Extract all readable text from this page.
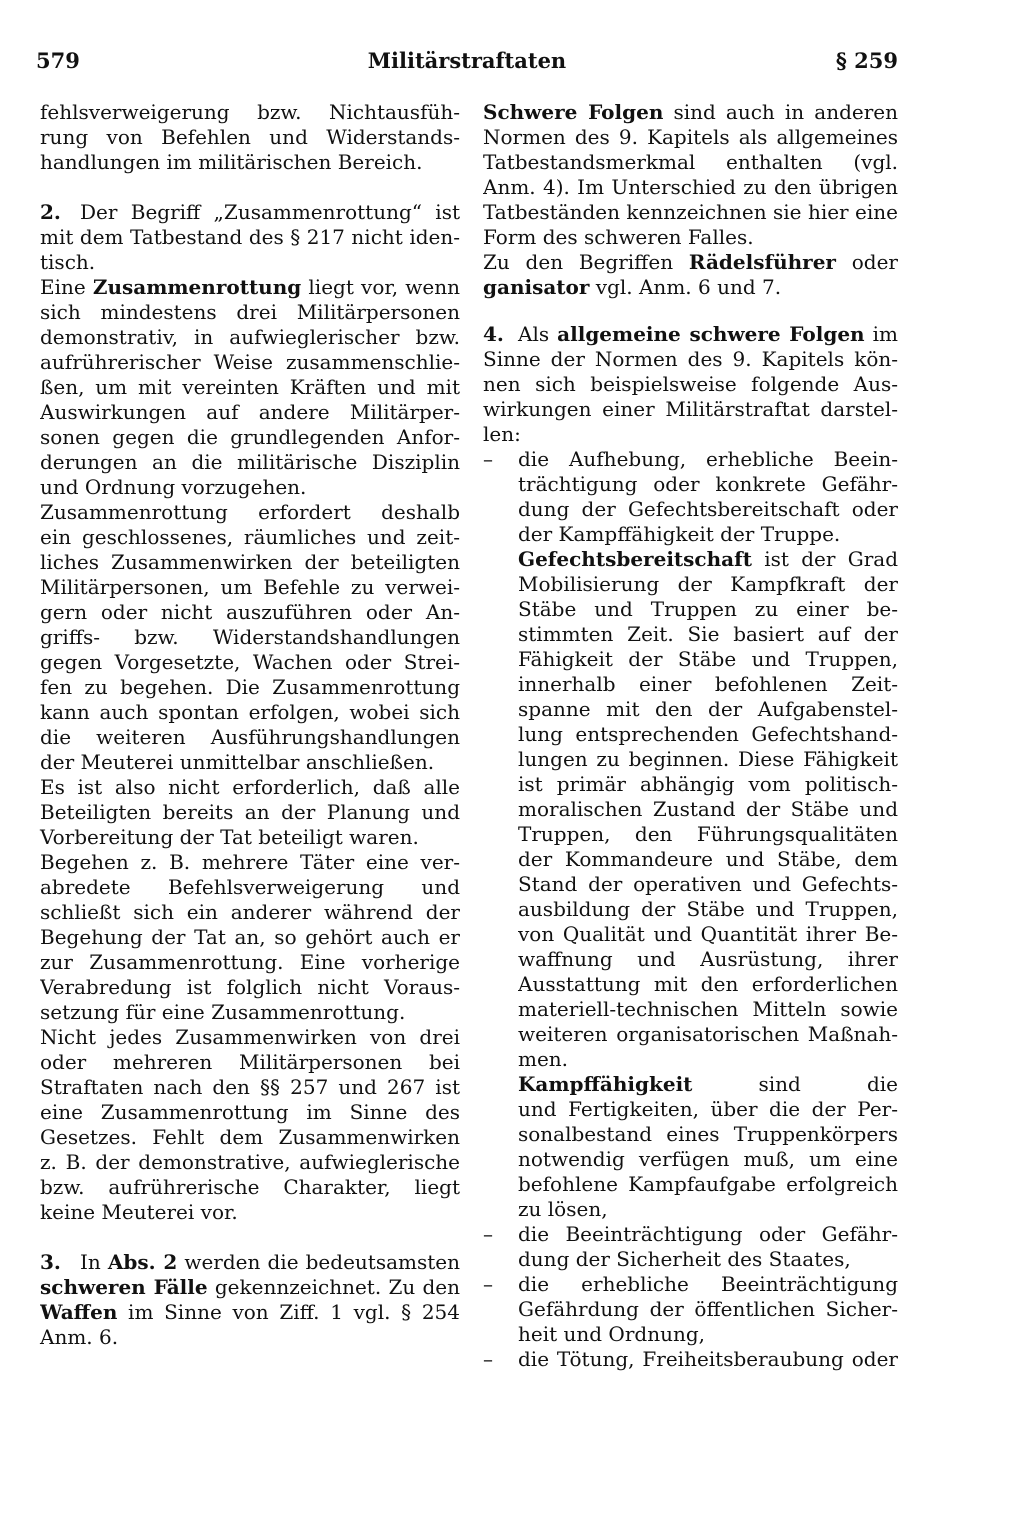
579	Militärstraftaten	§ 259
fehlsverweigerung bzw. Nichtausfüh-
rung von Befehlen und Widerstands-
handlungen im militärischen Bereich.
2. Der Begriff „Zusammenrottung“ ist
mit dem Tatbestand des § 217 nicht iden-
tisch.
Eine Zusammenrottung liegt vor, wenn
sich mindestens drei Militärpersonen
demonstrativ, in aufwieglerischer bzw.
aufrührerischer Weise zusammenschlie-
ßen, um mit vereinten Kräften und mit
Auswirkungen auf andere Militärper-
sonen gegen die grundlegenden Anfor-
derungen an die militärische Disziplin
und Ordnung vorzugehen.
Zusammenrottung erfordert deshalb
ein geschlossenes, räumliches und zeit-
liches Zusammenwirken der beteiligten
Militärpersonen, um Befehle zu verwei-
gern oder nicht auszuführen oder An-
griffs- bzw. Widerstandshandlungen
gegen Vorgesetzte, Wachen oder Strei-
fen zu begehen. Die Zusammenrottung
kann auch spontan erfolgen, wobei sich
die weiteren Ausführungshandlungen
der Meuterei unmittelbar anschließen.
Es ist also nicht erforderlich, daß alle
Beteiligten bereits an der Planung und
Vorbereitung der Tat beteiligt waren.
Begehen z. B. mehrere Täter eine ver-
abredete Befehlsverweigerung und
schließt sich ein anderer während der
Begehung der Tat an, so gehört auch er
zur Zusammenrottung. Eine vorherige
Verabredung ist folglich nicht Voraus-
setzung für eine Zusammenrottung.
Nicht jedes Zusammenwirken von drei
oder mehreren Militärpersonen bei
Straftaten nach den §§ 257 und 267 ist
eine Zusammenrottung im Sinne des
Gesetzes. Fehlt dem Zusammenwirken
z. B. der demonstrative, aufwieglerische
bzw. aufrührerische Charakter, liegt
keine Meuterei vor.
3. In Abs. 2 werden die bedeutsamsten
schweren Fälle gekennzeichnet. Zu den
Waffen im Sinne von Ziff. 1 vgl. § 254
Anm. 6.
Schwere Folgen sind auch in anderen
Normen des 9. Kapitels als allgemeines
Tatbestandsmerkmal enthalten (vgl.
Anm. 4). Im Unterschied zu den übrigen
Tatbeständen kennzeichnen sie hier eine
Form des schweren Falles.
Zu den Begriffen Rädelsführer oder
ganisator vgl. Anm. 6 und 7.
4. Als allgemeine schwere Folgen im
Sinne der Normen des 9. Kapitels kön-
nen sich beispielsweise folgende Aus-
wirkungen einer Militärstraftat darstel-
len:
– die Aufhebung, erhebliche Beein-
trächtigung oder konkrete Gefähr-
dung der Gefechtsbereitschaft oder
der Kampffähigkeit der Truppe.
Gefechtsbereitschaft ist der Grad
Mobilisierung der Kampfkraft der
Stäbe und Truppen zu einer be-
stimmten Zeit. Sie basiert auf der
Fähigkeit der Stäbe und Truppen,
innerhalb einer befohlenen Zeit-
spanne mit den der Aufgabenstel-
lung entsprechenden Gefechtshand-
lungen zu beginnen. Diese Fähigkeit
ist primär abhängig vom politisch-
moralischen Zustand der Stäbe und
Truppen, den Führungsqualitäten
der Kommandeure und Stäbe, dem
Stand der operativen und Gefechts-
ausbildung der Stäbe und Truppen,
von Qualität und Quantität ihrer Be-
waffnung und Ausrüstung, ihrer
Ausstattung mit den erforderlichen
materiell-technischen Mitteln sowie
weiteren organisatorischen Maßnah-
men.
Kampffähigkeit	sind die
und Fertigkeiten, über die der Per-
sonalbestand eines Truppenkörpers
notwendig verfügen muß, um eine
befohlene Kampfaufgabe erfolgreich
zu lösen,
– die Beeinträchtigung oder Gefähr-
dung der Sicherheit des Staates,
– die erhebliche Beeinträchtigung
Gefährdung der öffentlichen Sicher-
heit und Ordnung,
– die Tötung, Freiheitsberaubung oder
